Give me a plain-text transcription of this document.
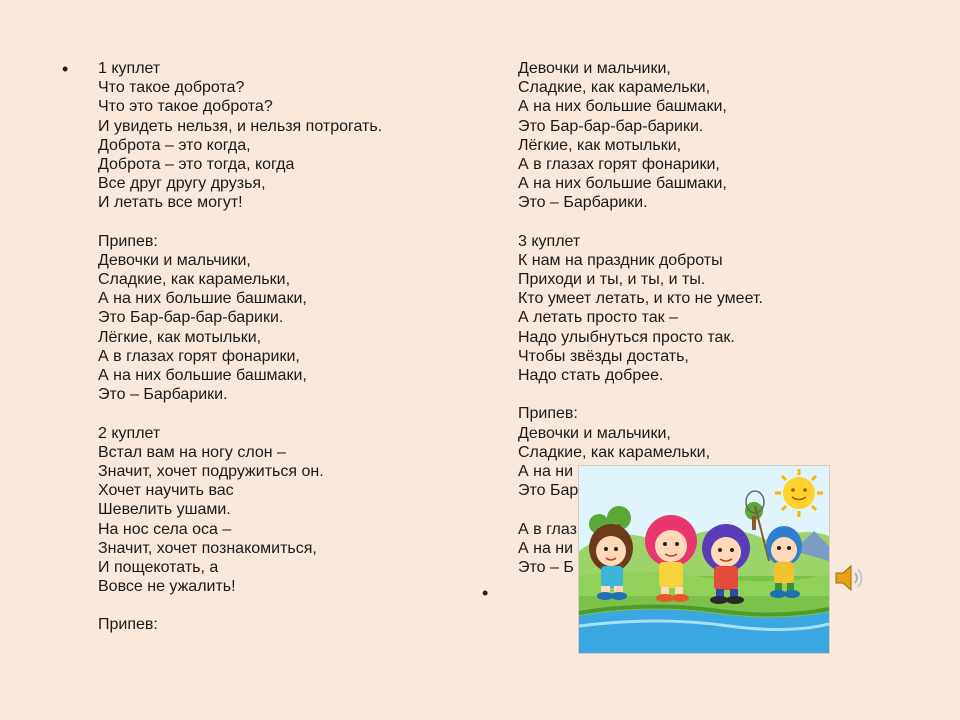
•
•
1 куплет
Что такое доброта?
Что это такое доброта?
И увидеть нельзя, и нельзя потрогать.
Доброта – это когда,
Доброта – это тогда, когда
Все друг другу друзья,
И летать все могут!
Припев:
Девочки и мальчики,
Сладкие, как карамельки,
А на них большие башмаки,
Это Бар-бар-бар-барики.
Лёгкие, как мотыльки,
А в глазах горят фонарики,
А на них большие башмаки,
Это – Барбарики.
2 куплет
Встал вам на ногу слон –
Значит, хочет подружиться он.
Хочет научить вас
Шевелить ушами.
На нос села оса –
Значит, хочет познакомиться,
И пощекотать, а
Вовсе не ужалить!
Припев:
Девочки и мальчики,
Сладкие, как карамельки,
А на них большие башмаки,
Это Бар-бар-бар-барики.
Лёгкие, как мотыльки,
А в глазах горят фонарики,
А на них большие башмаки,
Это – Барбарики.
3 куплет
К нам на праздник доброты
Приходи и ты, и ты, и ты.
Кто умеет летать, и кто не умеет.
А летать просто так –
Надо улыбнуться просто так.
Чтобы звёзды достать,
Надо стать добрее.
Припев:
Девочки и мальчики,
Сладкие, как карамельки,
А на ни
Это Бар
А в глаз
А на ни
Это – Б
